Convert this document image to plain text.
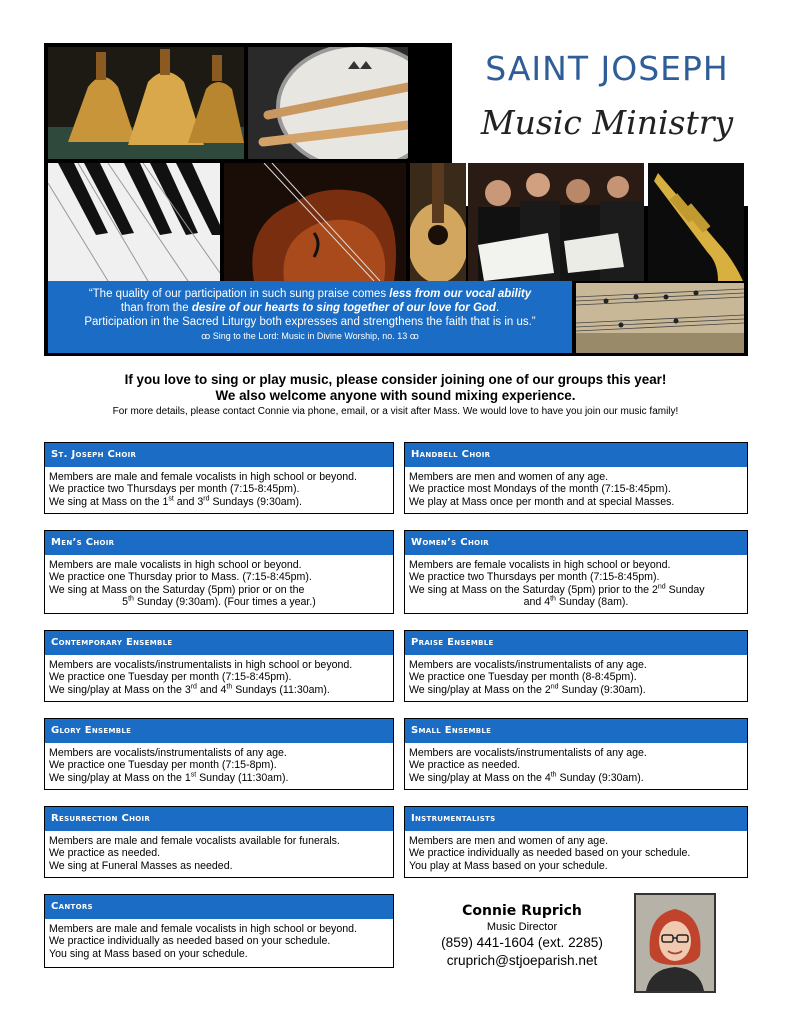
SAINT JOSEPH
Music Ministry
“The quality of our participation in such sung praise comes less from our vocal ability
than from the desire of our hearts to sing together of our love for God.
Participation in the Sacred Liturgy both expresses and strengthens the faith that is in us.”
ꝏ Sing to the Lord: Music in Divine Worship, no. 13 ꝏ
If you love to sing or play music, please consider joining one of our groups this year!
We also welcome anyone with sound mixing experience.
For more details, please contact Connie via phone, email, or a visit after Mass. We would love to have you join our music family!
St. Joseph Choir

Members are male and female vocalists in high school or beyond.

We practice two Thursdays per month (7:15-8:45pm).

We sing at Mass on the 1st and 3rd Sundays (9:30am).

Handbell Choir

Members are men and women of any age.

We practice most Mondays of the month (7:15-8:45pm).

We play at Mass once per month and at special Masses.

Men’s Choir

Members are male vocalists in high school or beyond.

We practice one Thursday prior to Mass. (7:15-8:45pm).

We sing at Mass on the Saturday (5pm) prior or on the

5th Sunday (9:30am). (Four times a year.)

Women’s Choir

Members are female vocalists in high school or beyond.

We practice two Thursdays per month (7:15-8:45pm).

We sing at Mass on the Saturday (5pm) prior to the 2nd Sunday

and 4th Sunday (8am).

Contemporary Ensemble

Members are vocalists/instrumentalists in high school or beyond.

We practice one Tuesday per month (7:15-8:45pm).

We sing/play at Mass on the 3rd and 4th Sundays (11:30am).

Praise Ensemble

Members are vocalists/instrumentalists of any age.

We practice one Tuesday per month (8-8:45pm).

We sing/play at Mass on the 2nd Sunday (9:30am).

Glory Ensemble

Members are vocalists/instrumentalists of any age.

We practice one Tuesday per month (7:15-8pm).

We sing/play at Mass on the 1st Sunday (11:30am).

Small Ensemble

Members are vocalists/instrumentalists of any age.

We practice as needed.

We sing/play at Mass on the 4th Sunday (9:30am).

Resurrection Choir

Members are male and female vocalists available for funerals.

We practice as needed.

We sing at Funeral Masses as needed.

Instrumentalists

Members are men and women of any age.

We practice individually as needed based on your schedule.

You play at Mass based on your schedule.

Cantors

Members are male and female vocalists in high school or beyond.

We practice individually as needed based on your schedule.

You sing at Mass based on your schedule.

Connie Ruprich
Music Director
(859) 441-1604 (ext. 2285)
cruprich@stjoeparish.net
